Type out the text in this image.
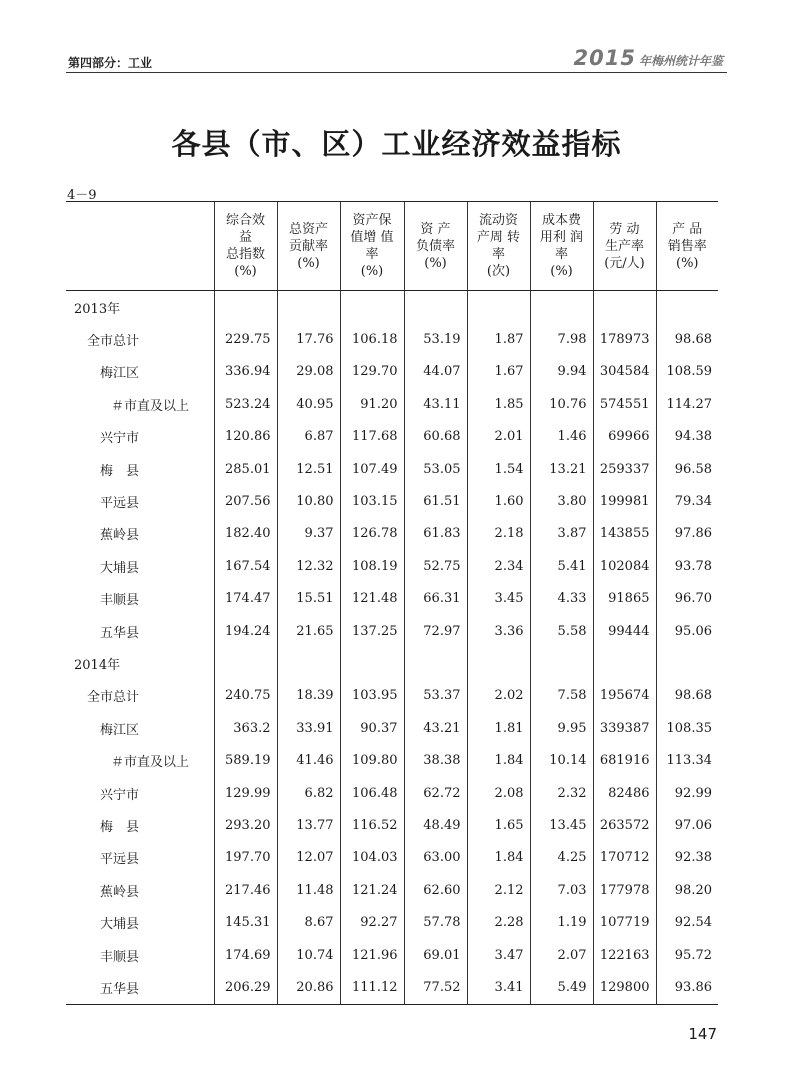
第四部分：工业	2015 年梅州统计年鉴
各县（市、区）工业经济效益指标
4－9
	综合效
益
总指数
(%)	总资产
贡献率
(%)	资产保
值增 值
率
(%)	资 产
负债率
(%)	流动资
产周 转
率
(次)	成本费
用利 润
率
(%)	劳 动
生产率
(元/人)	产 品
销售率
(%)
2013年								
全市总计	229.75	17.76	106.18	53.19	1.87	7.98	178973	98.68
梅江区	336.94	29.08	129.70	44.07	1.67	9.94	304584	108.59
＃市直及以上	523.24	40.95	91.20	43.11	1.85	10.76	574551	114.27
兴宁市	120.86	6.87	117.68	60.68	2.01	1.46	69966	94.38
梅　县	285.01	12.51	107.49	53.05	1.54	13.21	259337	96.58
平远县	207.56	10.80	103.15	61.51	1.60	3.80	199981	79.34
蕉岭县	182.40	9.37	126.78	61.83	2.18	3.87	143855	97.86
大埔县	167.54	12.32	108.19	52.75	2.34	5.41	102084	93.78
丰顺县	174.47	15.51	121.48	66.31	3.45	4.33	91865	96.70
五华县	194.24	21.65	137.25	72.97	3.36	5.58	99444	95.06
2014年								
全市总计	240.75	18.39	103.95	53.37	2.02	7.58	195674	98.68
梅江区	363.2	33.91	90.37	43.21	1.81	9.95	339387	108.35
＃市直及以上	589.19	41.46	109.80	38.38	1.84	10.14	681916	113.34
兴宁市	129.99	6.82	106.48	62.72	2.08	2.32	82486	92.99
梅　县	293.20	13.77	116.52	48.49	1.65	13.45	263572	97.06
平远县	197.70	12.07	104.03	63.00	1.84	4.25	170712	92.38
蕉岭县	217.46	11.48	121.24	62.60	2.12	7.03	177978	98.20
大埔县	145.31	8.67	92.27	57.78	2.28	1.19	107719	92.54
丰顺县	174.69	10.74	121.96	69.01	3.47	2.07	122163	95.72
五华县	206.29	20.86	111.12	77.52	3.41	5.49	129800	93.86
147
